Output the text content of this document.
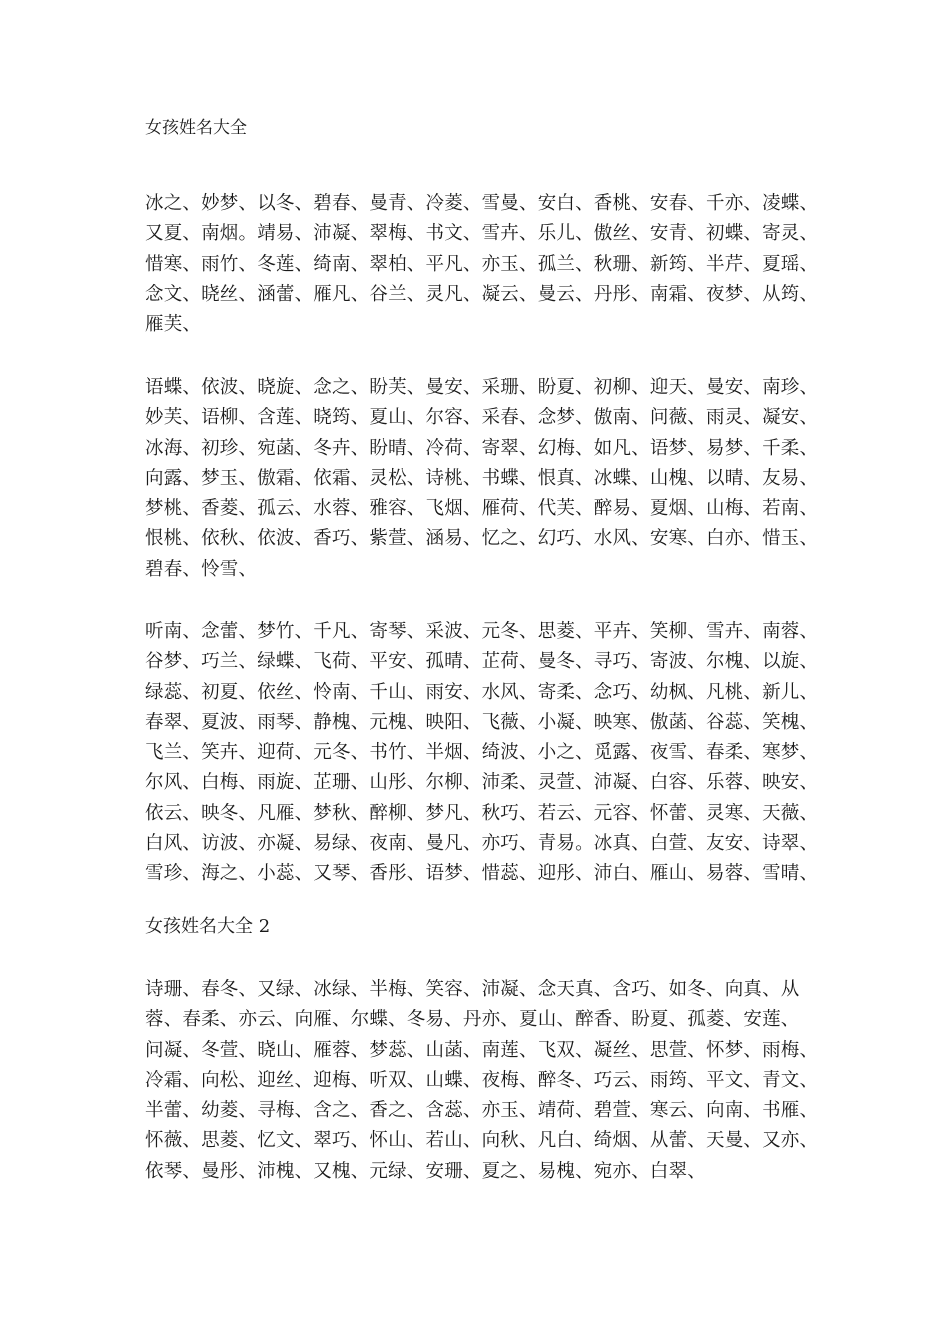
女孩姓名大全
冰之、妙梦、以冬、碧春、曼青、冷菱、雪曼、安白、香桃、安春、千亦、凌蝶、
又夏、南烟。靖易、沛凝、翠梅、书文、雪卉、乐儿、傲丝、安青、初蝶、寄灵、
惜寒、雨竹、冬莲、绮南、翠柏、平凡、亦玉、孤兰、秋珊、新筠、半芹、夏瑶、
念文、晓丝、涵蕾、雁凡、谷兰、灵凡、凝云、曼云、丹彤、南霜、夜梦、从筠、
雁芙、
语蝶、依波、晓旋、念之、盼芙、曼安、采珊、盼夏、初柳、迎天、曼安、南珍、
妙芙、语柳、含莲、晓筠、夏山、尔容、采春、念梦、傲南、问薇、雨灵、凝安、
冰海、初珍、宛菡、冬卉、盼晴、冷荷、寄翠、幻梅、如凡、语梦、易梦、千柔、
向露、梦玉、傲霜、依霜、灵松、诗桃、书蝶、恨真、冰蝶、山槐、以晴、友易、
梦桃、香菱、孤云、水蓉、雅容、飞烟、雁荷、代芙、醉易、夏烟、山梅、若南、
恨桃、依秋、依波、香巧、紫萱、涵易、忆之、幻巧、水风、安寒、白亦、惜玉、
碧春、怜雪、
听南、念蕾、梦竹、千凡、寄琴、采波、元冬、思菱、平卉、笑柳、雪卉、南蓉、
谷梦、巧兰、绿蝶、飞荷、平安、孤晴、芷荷、曼冬、寻巧、寄波、尔槐、以旋、
绿蕊、初夏、依丝、怜南、千山、雨安、水风、寄柔、念巧、幼枫、凡桃、新儿、
春翠、夏波、雨琴、静槐、元槐、映阳、飞薇、小凝、映寒、傲菡、谷蕊、笑槐、
飞兰、笑卉、迎荷、元冬、书竹、半烟、绮波、小之、觅露、夜雪、春柔、寒梦、
尔风、白梅、雨旋、芷珊、山彤、尔柳、沛柔、灵萱、沛凝、白容、乐蓉、映安、
依云、映冬、凡雁、梦秋、醉柳、梦凡、秋巧、若云、元容、怀蕾、灵寒、天薇、
白风、访波、亦凝、易绿、夜南、曼凡、亦巧、青易。冰真、白萱、友安、诗翠、
雪珍、海之、小蕊、又琴、香彤、语梦、惜蕊、迎彤、沛白、雁山、易蓉、雪晴、
女孩姓名大全 2
诗珊、春冬、又绿、冰绿、半梅、笑容、沛凝、念天真、含巧、如冬、向真、从
蓉、春柔、亦云、向雁、尔蝶、冬易、丹亦、夏山、醉香、盼夏、孤菱、安莲、
问凝、冬萱、晓山、雁蓉、梦蕊、山菡、南莲、飞双、凝丝、思萱、怀梦、雨梅、
冷霜、向松、迎丝、迎梅、听双、山蝶、夜梅、醉冬、巧云、雨筠、平文、青文、
半蕾、幼菱、寻梅、含之、香之、含蕊、亦玉、靖荷、碧萱、寒云、向南、书雁、
怀薇、思菱、忆文、翠巧、怀山、若山、向秋、凡白、绮烟、从蕾、天曼、又亦、
依琴、曼彤、沛槐、又槐、元绿、安珊、夏之、易槐、宛亦、白翠、
